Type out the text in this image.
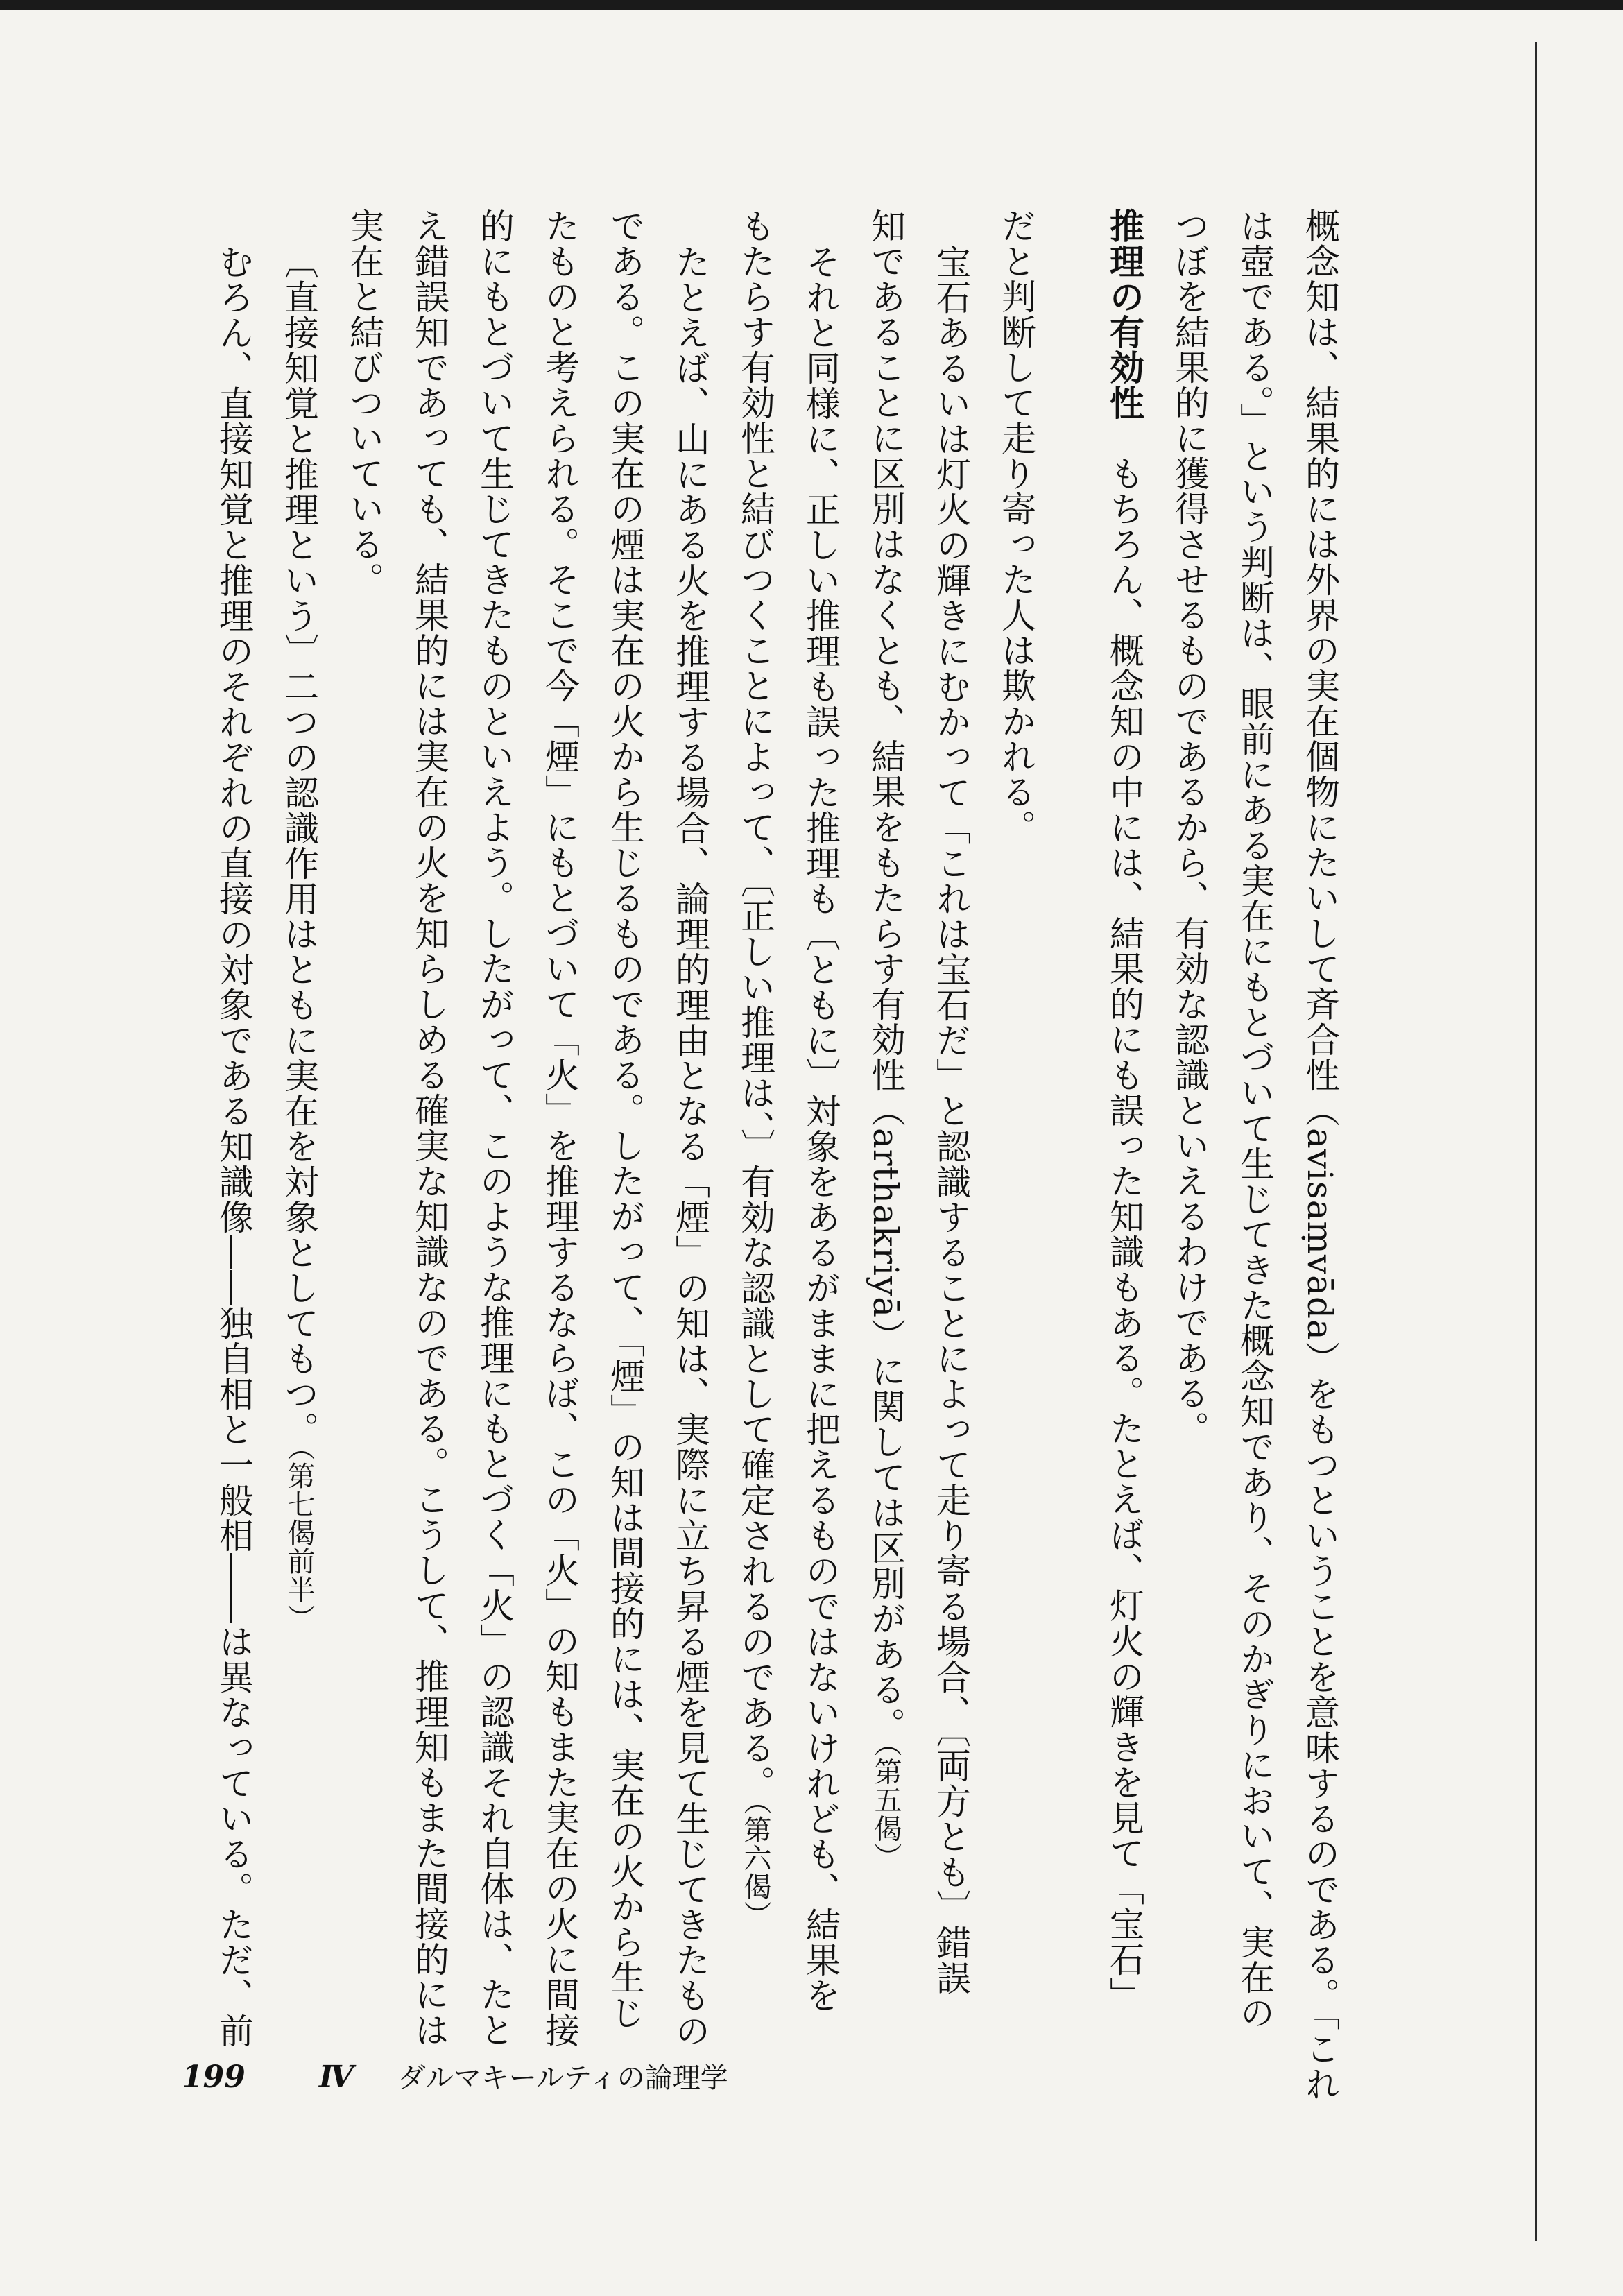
概念知は、結果的には外界の実在個物にたいして斉合性（avisaṃvāda）をもつということを意味するのである。「これ
は壺である。」という判断は、眼前にある実在にもとづいて生じてきた概念知であり、そのかぎりにおいて、実在の
つぼを結果的に獲得させるものであるから、有効な認識といえるわけである。
推理の有効性　もちろん、概念知の中には、結果的にも誤った知識もある。たとえば、灯火の輝きを見て「宝石」
だと判断して走り寄った人は欺かれる。
宝石あるいは灯火の輝きにむかって「これは宝石だ」と認識することによって走り寄る場合、〔両方とも〕錯誤
知であることに区別はなくとも、結果をもたらす有効性（arthakriyā）に関しては区別がある。（第五偈）
それと同様に、正しい推理も誤った推理も〔ともに〕対象をあるがままに把えるものではないけれども、結果を
もたらす有効性と結びつくことによって、〔正しい推理は、〕有効な認識として確定されるのである。（第六偈）
たとえば、山にある火を推理する場合、論理的理由となる「煙」の知は、実際に立ち昇る煙を見て生じてきたもの
である。この実在の煙は実在の火から生じるものである。したがって、「煙」の知は間接的には、実在の火から生じ
たものと考えられる。そこで今「煙」にもとづいて「火」を推理するならば、この「火」の知もまた実在の火に間接
的にもとづいて生じてきたものといえよう。したがって、このような推理にもとづく「火」の認識それ自体は、たと
え錯誤知であっても、結果的には実在の火を知らしめる確実な知識なのである。こうして、推理知もまた間接的には
実在と結びついている。
〔直接知覚と推理という〕二つの認識作用はともに実在を対象としてもつ。（第七偈前半）
むろん、直接知覚と推理のそれぞれの直接の対象である知識像――独自相と一般相――は異なっている。ただ、前
199 Ⅳ ダルマキールティの論理学
